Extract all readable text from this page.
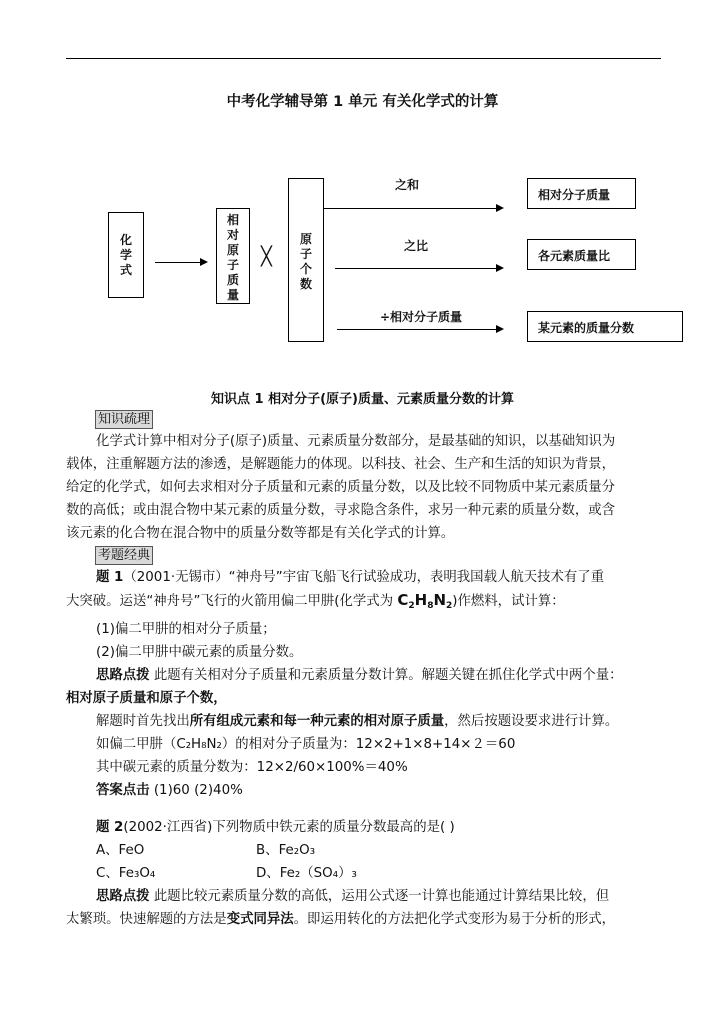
中考化学辅导第 1 单元 有关化学式的计算
化学式
相对原子质量
╳
原子个数
之和
之比
÷相对分子质量
相对分子质量
各元素质量比
某元素的质量分数
知识点 1 相对分子(原子)质量、元素质量分数的计算
知识疏理
化学式计算中相对分子(原子)质量、元素质量分数部分，是最基础的知识，以基础知识为
载体，注重解题方法的渗透，是解题能力的体现。以科技、社会、生产和生活的知识为背景，
给定的化学式，如何去求相对分子质量和元素的质量分数，以及比较不同物质中某元素质量分
数的高低；或由混合物中某元素的质量分数，寻求隐含条件，求另一种元素的质量分数，或含
该元素的化合物在混合物中的质量分数等都是有关化学式的计算。
考题经典
题 1（2001·无锡市）“神舟号”宇宙飞船飞行试验成功，表明我国载人航天技术有了重
大突破。运送“神舟号”飞行的火箭用偏二甲肼(化学式为 $C_2H_8N_2$)作燃料，试计算：
(1)偏二甲肼的相对分子质量；
(2)偏二甲肼中碳元素的质量分数。
思路点拨 此题有关相对分子质量和元素质量分数计算。解题关键在抓住化学式中两个量：
相对原子质量和原子个数，
解题时首先找出所有组成元素和每一种元素的相对原子质量，然后按题设要求进行计算。
如偏二甲肼（C₂H₈N₂）的相对分子质量为：12×2+1×8+14×２＝60
其中碳元素的质量分数为：12×2/60×100%＝40%
答案点击 (1)60 (2)40%
题 2(2002·江西省)下列物质中铁元素的质量分数最高的是( )
A、FeO	B、Fe₂O₃
C、Fe₃O₄	D、Fe₂（SO₄）₃
思路点拨 此题比较元素质量分数的高低，运用公式逐一计算也能通过计算结果比较，但
太繁琐。快速解题的方法是变式同异法。即运用转化的方法把化学式变形为易于分析的形式，
